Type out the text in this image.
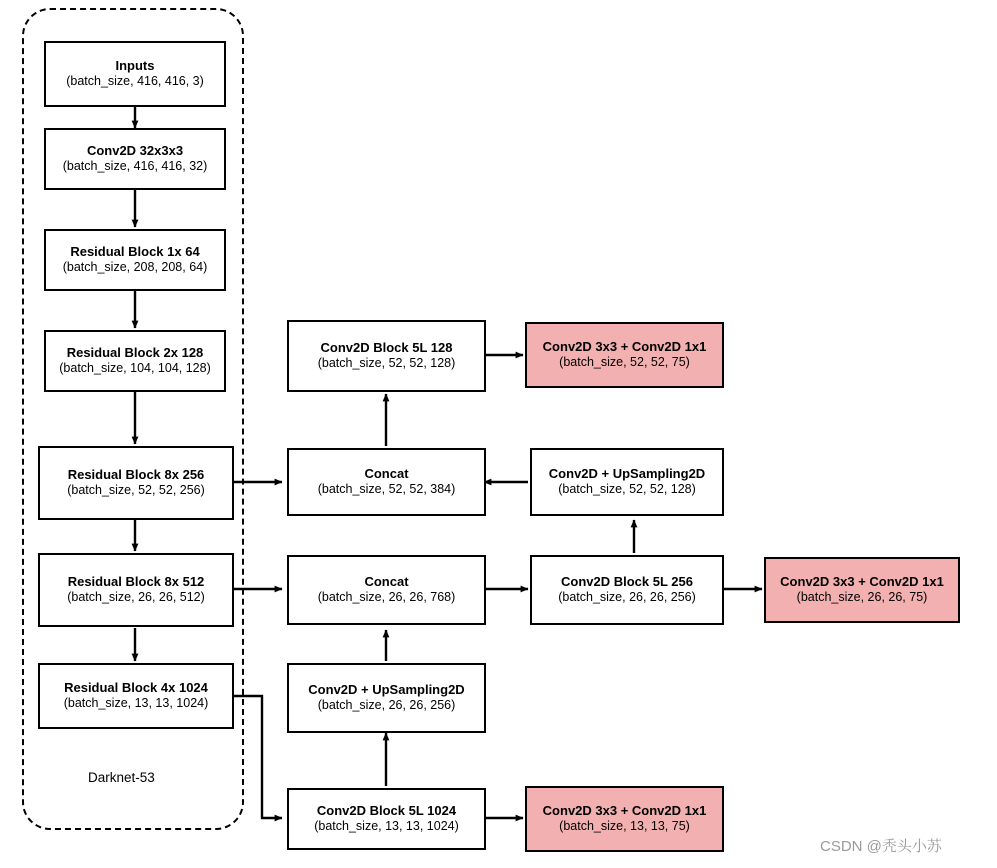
Darknet-53
Inputs
(batch_size, 416, 416, 3)
Conv2D 32x3x3
(batch_size, 416, 416, 32)
Residual Block 1x 64
(batch_size, 208, 208, 64)
Residual Block 2x 128
(batch_size, 104, 104, 128)
Residual Block 8x 256
(batch_size, 52, 52, 256)
Residual Block 8x 512
(batch_size, 26, 26, 512)
Residual Block 4x 1024
(batch_size, 13, 13, 1024)
Conv2D Block 5L 128
(batch_size, 52, 52, 128)
Concat
(batch_size, 52, 52, 384)
Conv2D + UpSampling2D
(batch_size, 52, 52, 128)
Concat
(batch_size, 26, 26, 768)
Conv2D Block 5L 256
(batch_size, 26, 26, 256)
Conv2D + UpSampling2D
(batch_size, 26, 26, 256)
Conv2D Block 5L 1024
(batch_size, 13, 13, 1024)
Conv2D 3x3 + Conv2D 1x1
(batch_size, 52, 52, 75)
Conv2D 3x3 + Conv2D 1x1
(batch_size, 26, 26, 75)
Conv2D 3x3 + Conv2D 1x1
(batch_size, 13, 13, 75)
CSDN @秃头小苏
